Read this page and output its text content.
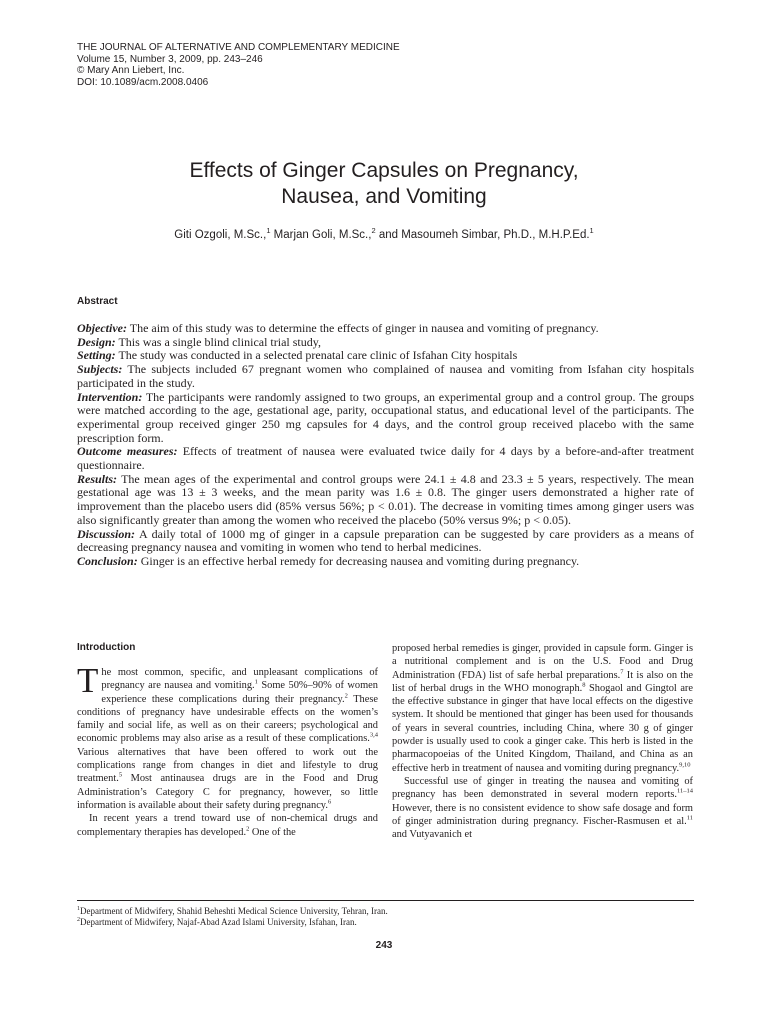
THE JOURNAL OF ALTERNATIVE AND COMPLEMENTARY MEDICINE
Volume 15, Number 3, 2009, pp. 243–246
© Mary Ann Liebert, Inc.
DOI: 10.1089/acm.2008.0406
Effects of Ginger Capsules on Pregnancy,
Nausea, and Vomiting
Giti Ozgoli, M.Sc.,$^1$ Marjan Goli, M.Sc.,$^2$ and Masoumeh Simbar, Ph.D., M.H.P.Ed.$^1$
Abstract

Objective: The aim of this study was to determine the effects of ginger in nausea and vomiting of pregnancy.

Design: This was a single blind clinical trial study,

Setting: The study was conducted in a selected prenatal care clinic of Isfahan City hospitals

Subjects: The subjects included 67 pregnant women who complained of nausea and vomiting from Isfahan city hospitals participated in the study.

Intervention: The participants were randomly assigned to two groups, an experimental group and a control group. The groups were matched according to the age, gestational age, parity, occupational status, and educational level of the participants. The experimental group received ginger 250 mg capsules for 4 days, and the control group received placebo with the same prescription form.

Outcome measures: Effects of treatment of nausea were evaluated twice daily for 4 days by a before-and-after treatment questionnaire.

Results: The mean ages of the experimental and control groups were 24.1 ± 4.8 and 23.3 ± 5 years, respectively. The mean gestational age was 13 ± 3 weeks, and the mean parity was 1.6 ± 0.8. The ginger users demonstrated a higher rate of improvement than the placebo users did (85% versus 56%; p < 0.01). The decrease in vomiting times among ginger users was also significantly greater than among the women who received the placebo (50% versus 9%; p < 0.05).

Discussion: A daily total of 1000 mg of ginger in a capsule preparation can be suggested by care providers as a means of decreasing pregnancy nausea and vomiting in women who tend to herbal medicines.

Conclusion: Ginger is an effective herbal remedy for decreasing nausea and vomiting during pregnancy.

Introduction

The most common, specific, and unpleasant complications of pregnancy are nausea and vomiting.$^1$ Some 50%–90% of women experience these complications during their pregnancy.$^2$ These conditions of pregnancy have undesirable effects on the women’s family and social life, as well as on their careers; psychological and economic problems may also arise as a result of these complications.$^{3,4}$ Various alternatives that have been offered to work out the complications range from changes in diet and lifestyle to drug treatment.$^5$ Most antinausea drugs are in the Food and Drug Administration’s Category C for pregnancy, however, so little information is available about their safety during pregnancy.$^6$

In recent years a trend toward use of non-chemical drugs and complementary therapies has developed.$^2$ One of the

proposed herbal remedies is ginger, provided in capsule form. Ginger is a nutritional complement and is on the U.S. Food and Drug Administration (FDA) list of safe herbal preparations.$^7$ It is also on the list of herbal drugs in the WHO monograph.$^8$ Shogaol and Gingtol are the effective substance in ginger that have local effects on the digestive system. It should be mentioned that ginger has been used for thousands of years in several countries, including China, where 30 g of ginger powder is usually used to cook a ginger cake. This herb is listed in the pharmacopoeias of the United Kingdom, Thailand, and China as an effective herb in treatment of nausea and vomiting during pregnancy.$^{9,10}$

Successful use of ginger in treating the nausea and vomiting of pregnancy has been demonstrated in several modern reports.$^{11-14}$ However, there is no consistent evidence to show safe dosage and form of ginger administration during pregnancy. Fischer-Rasmusen et al.$^{11}$ and Vutyavanich et

$^1$Department of Midwifery, Shahid Beheshti Medical Science University, Tehran, Iran.
$^2$Department of Midwifery, Najaf-Abad Azad Islami University, Isfahan, Iran.
243
